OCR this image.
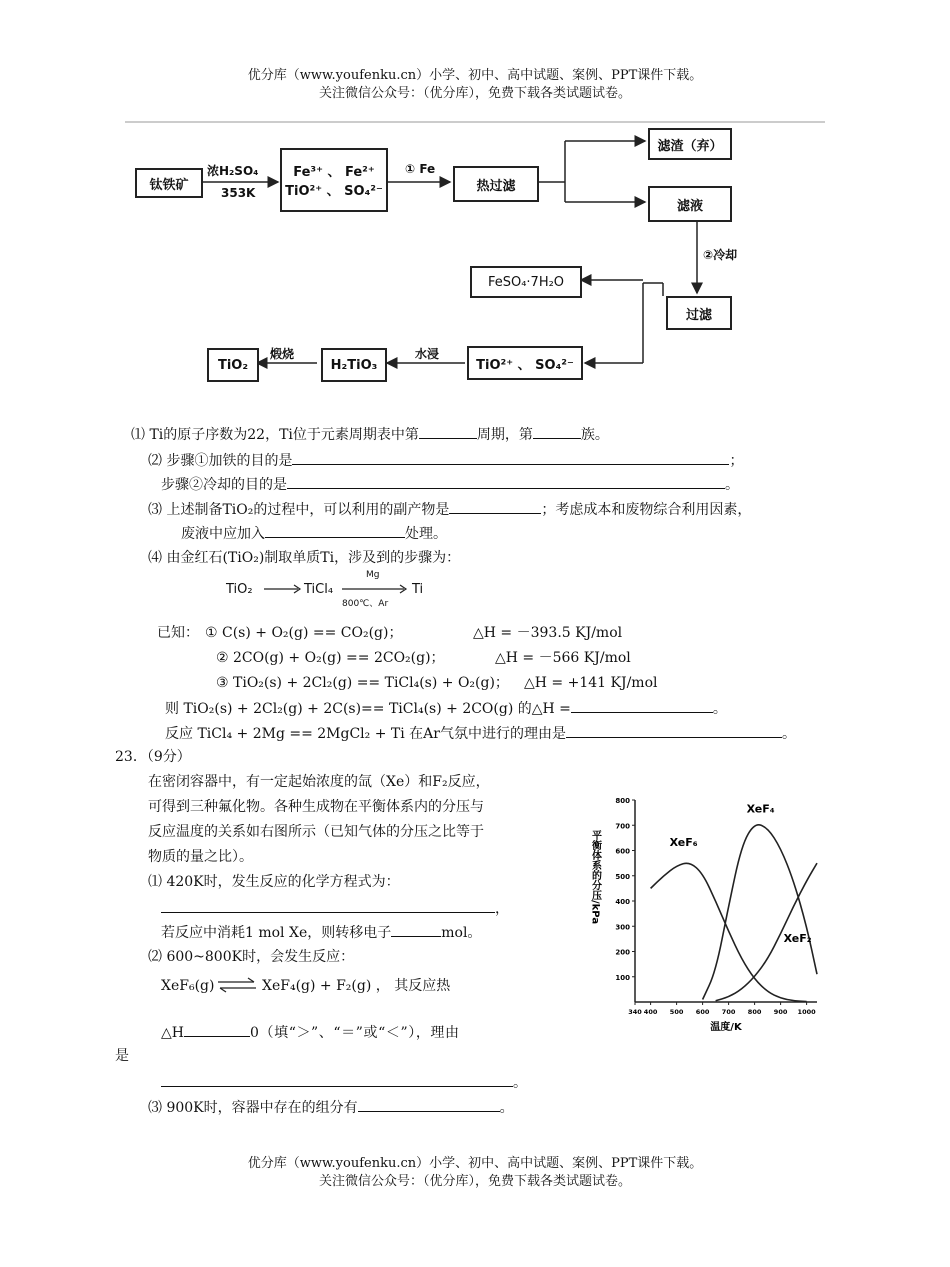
优分库（www.youfenku.cn）小学、初中、高中试题、案例、PPT课件下载。
关注微信公众号：（优分库），免费下载各类试题试卷。
钛铁矿
浓H₂SO₄
353K
Fe³⁺ 、 Fe²⁺
TiO²⁺ 、 SO₄²⁻
① Fe
热过滤
滤渣（弃）
滤液
②冷却
FeSO₄·7H₂O
过滤
TiO²⁺ 、 SO₄²⁻
水浸
H₂TiO₃
煅烧
TiO₂
⑴ Ti的原子序数为22，Ti位于元素周期表中第	周期，第	族。
⑵ 步骤①加铁的目的是	；
步骤②冷却的目的是	。
⑶ 上述制备TiO₂的过程中，可以利用的副产物是	；考虑成本和废物综合利用因素，
废液中应加入	处理。
⑷ 由金红石(TiO₂)制取单质Ti，涉及到的步骤为：
TiO₂	TiCl₄
Mg
800℃、Ar
Ti
已知： ① C(s) + O₂(g) == CO₂(g)；	△H = －393.5 KJ/mol
② 2CO(g) + O₂(g) == 2CO₂(g)；	△H = －566 KJ/mol
③ TiO₂(s) + 2Cl₂(g) == TiCl₄(s) + O₂(g)； △H = +141 KJ/mol
则 TiO₂(s) + 2Cl₂(g) + 2C(s)== TiCl₄(s) + 2CO(g) 的△H =	。
反应 TiCl₄ + 2Mg == 2MgCl₂ + Ti 在Ar气氛中进行的理由是	。
23．（9分）
在密闭容器中，有一定起始浓度的氙（Xe）和F₂反应，
可得到三种氟化物。各种生成物在平衡体系内的分压与
反应温度的关系如右图所示（已知气体的分压之比等于
物质的量之比）。
⑴ 420K时，发生反应的化学方程式为：
，
若反应中消耗1 mol Xe，则转移电子	mol。
⑵ 600~800K时，会发生反应：
XeF₆(g) ⇌ XeF₄(g) + F₂(g) ， 其反应热
△H	0（填“＞”、“＝”或“＜”），理由
是
。
⑶ 900K时，容器中存在的组分有	。
100
200
300
400
500
600
700
800
340 400 500 600 700 800 900 1000
平衡体系的分压/kPa
温度/K
XeF₆
XeF₄
XeF₂
优分库（www.youfenku.cn）小学、初中、高中试题、案例、PPT课件下载。
关注微信公众号：（优分库），免费下载各类试题试卷。
